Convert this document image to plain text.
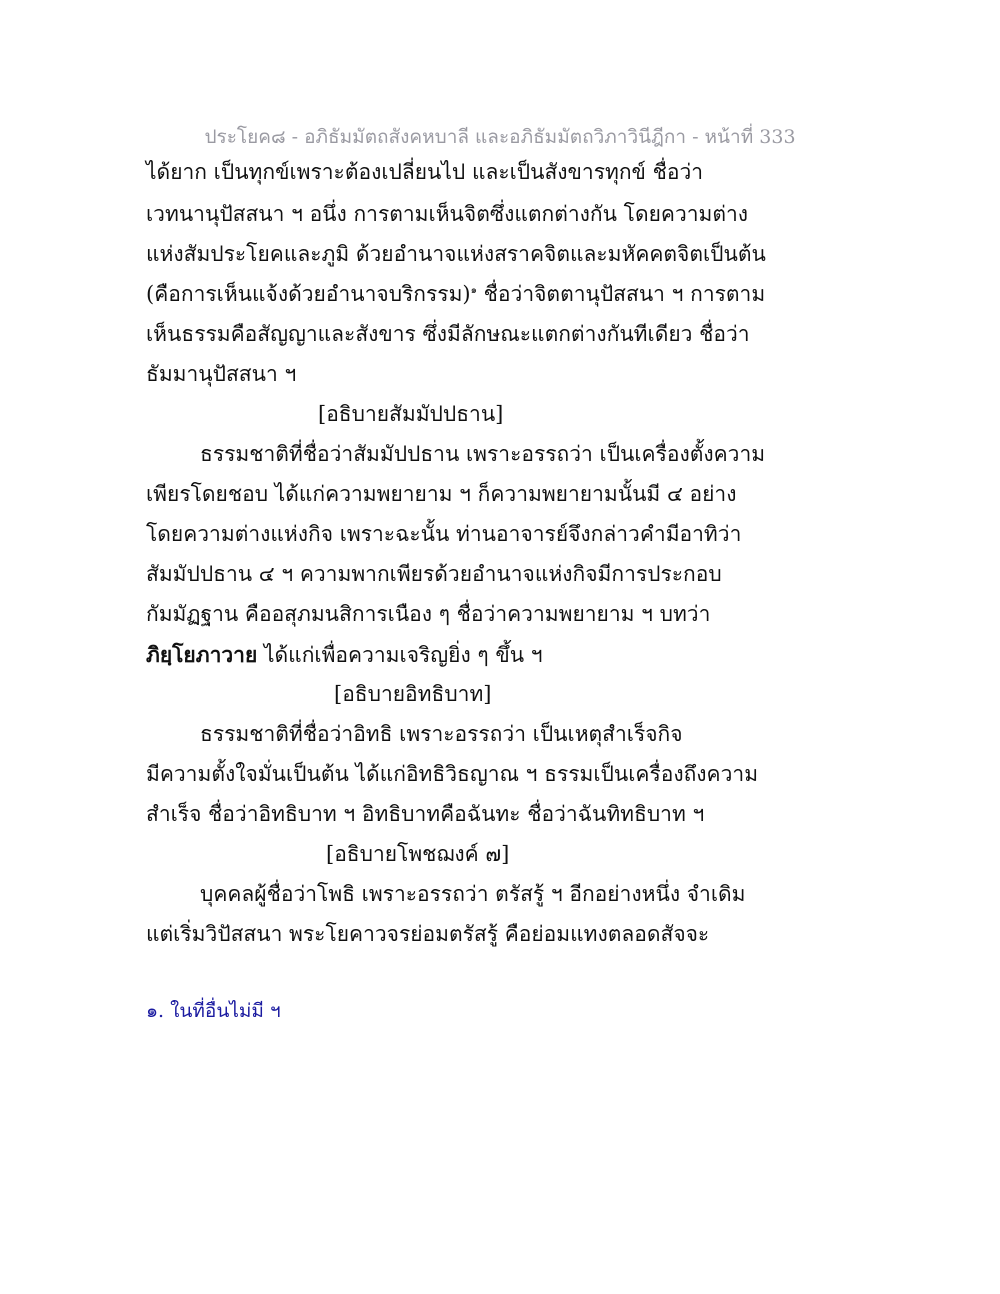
ประโยค๘ - อภิธัมมัตถสังคหบาลี และอภิธัมมัตถวิภาวินีฎีกา - หน้าที่ 333
ได้ยาก เป็นทุกข์เพราะต้องเปลี่ยนไป และเป็นสังขารทุกข์ ชื่อว่า
เวทนานุปัสสนา ฯ อนึ่ง การตามเห็นจิตซึ่งแตกต่างกัน โดยความต่าง
แห่งสัมประโยคและภูมิ ด้วยอำนาจแห่งสราคจิตและมหัคคตจิตเป็นต้น
(คือการเห็นแจ้งด้วยอำนาจบริกรรม)$^๑$ ชื่อว่าจิตตานุปัสสนา ฯ การตาม
เห็นธรรมคือสัญญาและสังขาร ซึ่งมีลักษณะแตกต่างกันทีเดียว ชื่อว่า
ธัมมานุปัสสนา ฯ
[อธิบายสัมมัปปธาน]
ธรรมชาติที่ชื่อว่าสัมมัปปธาน เพราะอรรถว่า เป็นเครื่องตั้งความ
เพียรโดยชอบ ได้แก่ความพยายาม ฯ ก็ความพยายามนั้นมี ๔ อย่าง
โดยความต่างแห่งกิจ เพราะฉะนั้น ท่านอาจารย์จึงกล่าวคำมีอาทิว่า
สัมมัปปธาน ๔ ฯ ความพากเพียรด้วยอำนาจแห่งกิจมีการประกอบ
กัมมัฏฐาน คืออสุภมนสิการเนือง ๆ ชื่อว่าความพยายาม ฯ บทว่า
ภิยฺโยภาวาย ได้แก่เพื่อความเจริญยิ่ง ๆ ขึ้น ฯ
[อธิบายอิทธิบาท]
ธรรมชาติที่ชื่อว่าอิทธิ เพราะอรรถว่า เป็นเหตุสำเร็จกิจ
มีความตั้งใจมั่นเป็นต้น ได้แก่อิทธิวิธญาณ ฯ ธรรมเป็นเครื่องถึงความ
สำเร็จ ชื่อว่าอิทธิบาท ฯ อิทธิบาทคือฉันทะ ชื่อว่าฉันทิทธิบาท ฯ
[อธิบายโพชฌงค์ ๗]
บุคคลผู้ชื่อว่าโพธิ เพราะอรรถว่า ตรัสรู้ ฯ อีกอย่างหนึ่ง จำเดิม
แต่เริ่มวิปัสสนา พระโยคาวจรย่อมตรัสรู้ คือย่อมแทงตลอดสัจจะ
๑. ในที่อื่นไม่มี ฯ
